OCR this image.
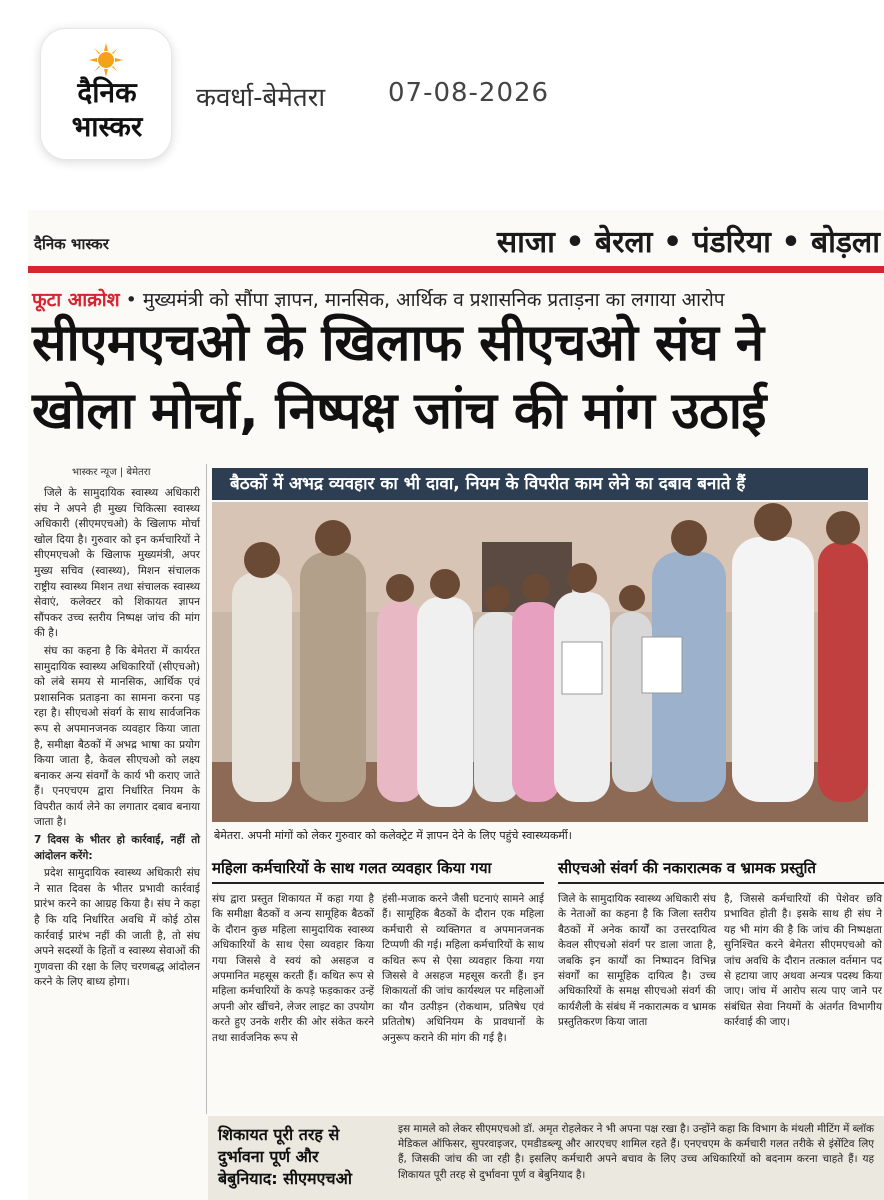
दैनिक
भास्कर
कवर्धा-बेमेतरा 07-08-2026
दैनिक भास्कर	साजा • बेरला • पंडरिया • बोड़ला
फूटा आक्रोश • मुख्यमंत्री को सौंपा ज्ञापन, मानसिक, आर्थिक व प्रशासनिक प्रताड़ना का लगाया आरोप
सीएमएचओ के खिलाफ सीएचओ संघ ने
खोला मोर्चा, निष्पक्ष जांच की मांग उठाई
भास्कर न्यूज | बेमेतरा

जिले के सामुदायिक स्वास्थ्य अधिकारी संघ ने अपने ही मुख्य चिकित्सा स्वास्थ्य अधिकारी (सीएमएचओ) के खिलाफ मोर्चा खोल दिया है। गुरुवार को इन कर्मचारियों ने सीएमएचओ के खिलाफ मुख्यमंत्री, अपर मुख्य सचिव (स्वास्थ्य), मिशन संचालक राष्ट्रीय स्वास्थ्य मिशन तथा संचालक स्वास्थ्य सेवाएं, कलेक्टर को शिकायत ज्ञापन सौंपकर उच्च स्तरीय निष्पक्ष जांच की मांग की है।

संघ का कहना है कि बेमेतरा में कार्यरत सामुदायिक स्वास्थ्य अधिकारियों (सीएचओ) को लंबे समय से मानसिक, आर्थिक एवं प्रशासनिक प्रताड़ना का सामना करना पड़ रहा है। सीएचओ संवर्ग के साथ सार्वजनिक रूप से अपमानजनक व्यवहार किया जाता है, समीक्षा बैठकों में अभद्र भाषा का प्रयोग किया जाता है, केवल सीएचओ को लक्ष्य बनाकर अन्य संवर्गों के कार्य भी कराए जाते हैं। एनएचएम द्वारा निर्धारित नियम के विपरीत कार्य लेने का लगातार दबाव बनाया जाता है।

7 दिवस के भीतर हो कार्रवाई, नहीं तो आंदोलन करेंगे:

प्रदेश सामुदायिक स्वास्थ्य अधिकारी संघ ने सात दिवस के भीतर प्रभावी कार्रवाई प्रारंभ करने का आग्रह किया है। संघ ने कहा है कि यदि निर्धारित अवधि में कोई ठोस कार्रवाई प्रारंभ नहीं की जाती है, तो संघ अपने सदस्यों के हितों व स्वास्थ्य सेवाओं की गुणवत्ता की रक्षा के लिए चरणबद्ध आंदोलन करने के लिए बाध्य होगा।

बैठकों में अभद्र व्यवहार का भी दावा, नियम के विपरीत काम लेने का दबाव बनाते हैं
बेमेतरा. अपनी मांगों को लेकर गुरुवार को कलेक्ट्रेट में ज्ञापन देने के लिए पहुंचे स्वास्थ्यकर्मी।
महिला कर्मचारियों के साथ गलत व्यवहार किया गया
संघ द्वारा प्रस्तुत शिकायत में कहा गया है कि समीक्षा बैठकों व अन्य सामूहिक बैठकों के दौरान कुछ महिला सामुदायिक स्वास्थ्य अधिकारियों के साथ ऐसा व्यवहार किया गया जिससे वे स्वयं को असहज व अपमानित महसूस करती हैं। कथित रूप से महिला कर्मचारियों के कपड़े फड़काकर उन्हें अपनी ओर खींचने, लेजर लाइट का उपयोग करते हुए उनके शरीर की ओर संकेत करने तथा सार्वजनिक रूप से
हंसी-मजाक करने जैसी घटनाएं सामने आई हैं। सामूहिक बैठकों के दौरान एक महिला कर्मचारी से व्यक्तिगत व अपमानजनक टिप्पणी की गई। महिला कर्मचारियों के साथ कथित रूप से ऐसा व्यवहार किया गया जिससे वे असहज महसूस करती हैं। इन शिकायतों की जांच कार्यस्थल पर महिलाओं का यौन उत्पीड़न (रोकथाम, प्रतिषेध एवं प्रतितोष) अधिनियम के प्रावधानों के अनुरूप कराने की मांग की गई है।
सीएचओ संवर्ग की नकारात्मक व भ्रामक प्रस्तुति
जिले के सामुदायिक स्वास्थ्य अधिकारी संघ के नेताओं का कहना है कि जिला स्तरीय बैठकों में अनेक कार्यों का उत्तरदायित्व केवल सीएचओ संवर्ग पर डाला जाता है, जबकि इन कार्यों का निष्पादन विभिन्न संवर्गों का सामूहिक दायित्व है। उच्च अधिकारियों के समक्ष सीएचओ संवर्ग की कार्यशैली के संबंध में नकारात्मक व भ्रामक प्रस्तुतिकरण किया जाता
है, जिससे कर्मचारियों की पेशेवर छवि प्रभावित होती है। इसके साथ ही संघ ने यह भी मांग की है कि जांच की निष्पक्षता सुनिश्चित करने बेमेतरा सीएमएचओ को जांच अवधि के दौरान तत्काल वर्तमान पद से हटाया जाए अथवा अन्यत्र पदस्थ किया जाए। जांच में आरोप सत्य पाए जाने पर संबंधित सेवा नियमों के अंतर्गत विभागीय कार्रवाई की जाए।
शिकायत पूरी तरह से दुर्भावना पूर्ण और बेबुनियाद: सीएमएचओ
इस मामले को लेकर सीएमएचओ डॉ. अमृत रोहलेकर ने भी अपना पक्ष रखा है। उन्होंने कहा कि विभाग के मंथली मीटिंग में ब्लॉक मेडिकल ऑफिसर, सुपरवाइजर, एमडीडब्ल्यू और आरएचए शामिल रहते हैं। एनएचएम के कर्मचारी गलत तरीके से इंसेंटिव लिए हैं, जिसकी जांच की जा रही है। इसलिए कर्मचारी अपने बचाव के लिए उच्च अधिकारियों को बदनाम करना चाहते हैं। यह शिकायत पूरी तरह से दुर्भावना पूर्ण व बेबुनियाद है।
